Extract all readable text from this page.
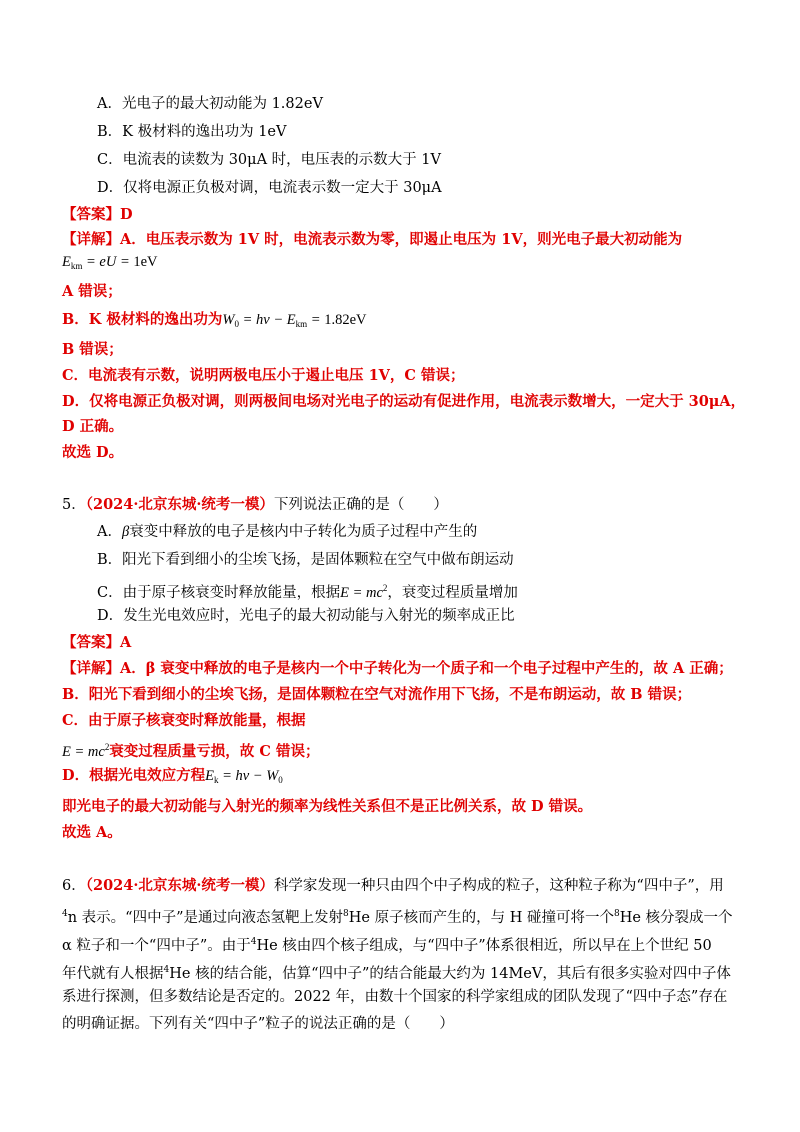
A．光电子的最大初动能为 1.82eV
B．K 极材料的逸出功为 1eV
C．电流表的读数为 30μA 时，电压表的示数大于 1V
D．仅将电源正负极对调，电流表示数一定大于 30μA
【答案】D
【详解】A．电压表示数为 1V 时，电流表示数为零，即遏止电压为 1V，则光电子最大初动能为
$E_{km}$ = eU = 1eV
A 错误；
B．K 极材料的逸出功为$W_0 = h\nu - E_{km} = 1.82eV$
B 错误；
C．电流表有示数，说明两极电压小于遏止电压 1V，C 错误；
D．仅将电源正负极对调，则两极间电场对光电子的运动有促进作用，电流表示数增大，一定大于 30μA，
D 正确。
故选 D。
5．（2024·北京东城·统考一模）下列说法正确的是（　　）
A．β衰变中释放的电子是核内中子转化为质子过程中产生的
B．阳光下看到细小的尘埃飞扬，是固体颗粒在空气中做布朗运动
C．由于原子核衰变时释放能量，根据$E = mc^2$，衰变过程质量增加
D．发生光电效应时，光电子的最大初动能与入射光的频率成正比
【答案】A
【详解】A．β 衰变中释放的电子是核内一个中子转化为一个质子和一个电子过程中产生的，故 A 正确；
B．阳光下看到细小的尘埃飞扬，是固体颗粒在空气对流作用下飞扬，不是布朗运动，故 B 错误；
C．由于原子核衰变时释放能量，根据
$E = mc^2$衰变过程质量亏损，故 C 错误；
D．根据光电效应方程$E_k = h\nu - W_0$
即光电子的最大初动能与入射光的频率为线性关系但不是正比例关系，故 D 错误。
故选 A。
6．（2024·北京东城·统考一模）科学家发现一种只由四个中子构成的粒子，这种粒子称为“四中子”，用
$^4$n 表示。“四中子”是通过向液态氢靶上发射$^8$He 原子核而产生的，与 H 碰撞可将一个$^8$He 核分裂成一个
α 粒子和一个“四中子”。由于$^4$He 核由四个核子组成，与“四中子”体系很相近，所以早在上个世纪 50
年代就有人根据$^4$He 核的结合能，估算“四中子”的结合能最大约为 14MeV，其后有很多实验对四中子体
系进行探测，但多数结论是否定的。2022 年，由数十个国家的科学家组成的团队发现了“四中子态”存在
的明确证据。下列有关“四中子”粒子的说法正确的是（　　）
